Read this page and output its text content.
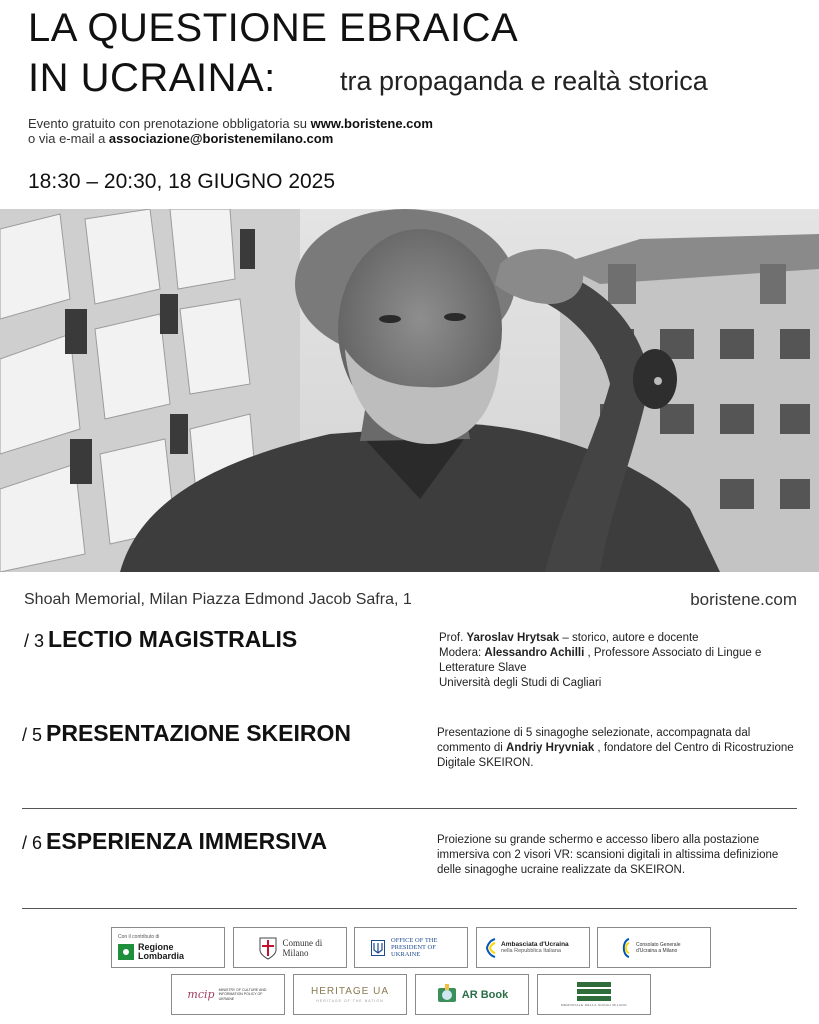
LA QUESTIONE EBRAICA
IN UCRAINA: tra propaganda e realtà storica
Evento gratuito con prenotazione obbligatoria su www.boristene.com
o via e-mail a associazione@boristenemilano.com
18:30 – 20:30, 18 GIUGNO 2025
Shoah Memorial, Milan Piazza Edmond Jacob Safra, 1	boristene.com
/ 3 LECTIO MAGISTRALIS	Prof. Yaroslav Hrytsak – storico, autore e docente
Modera: Alessandro Achilli , Professore Associato di Lingue e Letterature Slave
Università degli Studi di Cagliari
/ 5 PRESENTAZIONE SKEIRON	Presentazione di 5 sinagoghe selezionate, accompagnata dal commento di Andriy Hryvniak , fondatore del Centro di Ricostruzione Digitale SKEIRON.
/ 6 ESPERIENZA IMMERSIVA	Proiezione su grande schermo e accesso libero alla postazione immersiva con 2 visori VR: scansioni digitali in altissima definizione delle sinagoghe ucraine realizzate da SKEIRON.
Con il contributo di
Regione Lombardia
Comune di Milano
OFFICE OF THE PRESIDENT OF UKRAINE
Ambasciata d'Ucraina
nella Repubblica Italiana
Consolato Generale d'Ucraina a Milano
mcip MINISTRY OF CULTURE AND INFORMATION POLICY OF UKRAINE
HERITAGE UA
HERITAGE OF THE NATION
AR Book
MEMORIALE DELLA SHOAH MILANO
